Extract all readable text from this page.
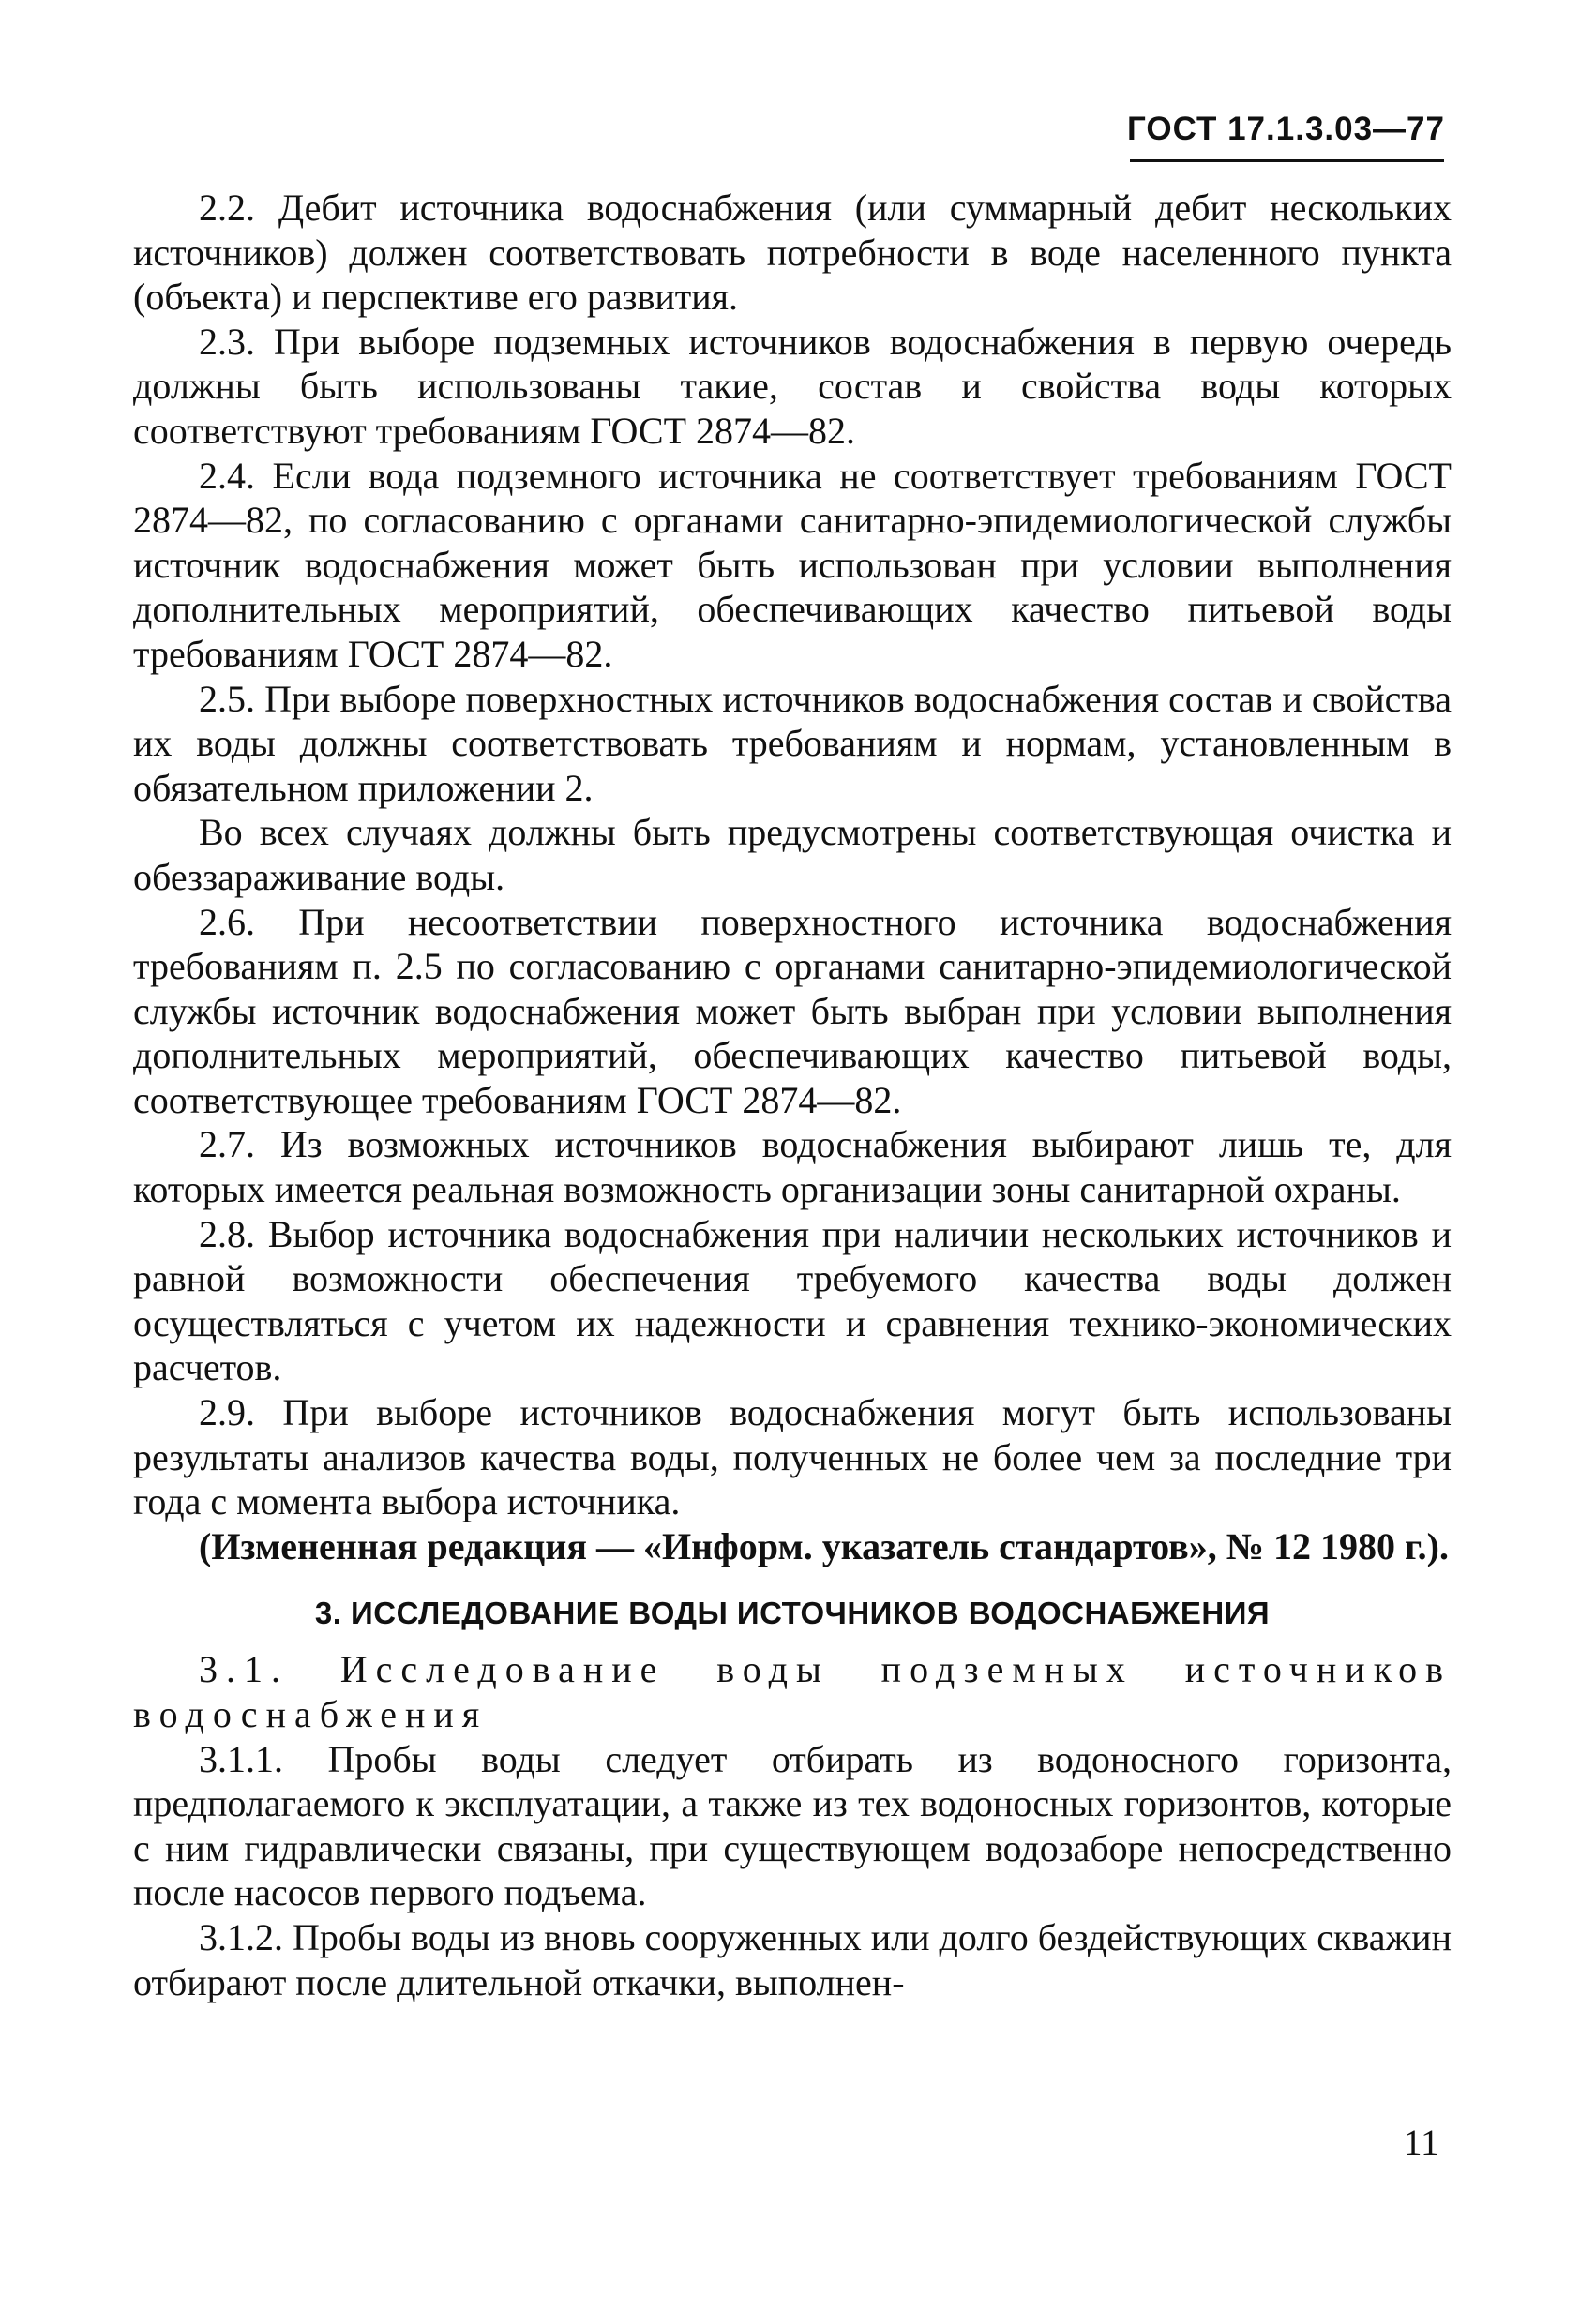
ГОСТ 17.1.3.03—77

2.2. Дебит источника водоснабжения (или суммарный дебит нескольких источников) должен соответствовать потребности в воде населенного пункта (объекта) и перспективе его развития.

2.3. При выборе подземных источников водоснабжения в первую очередь должны быть использованы такие, состав и свойства воды которых соответствуют требованиям ГОСТ 2874—82.

2.4. Если вода подземного источника не соответствует требованиям ГОСТ 2874—82, по согласованию с органами санитарно-эпидемиологической службы источник водоснабжения может быть использован при условии выполнения дополнительных мероприятий, обеспечивающих качество питьевой воды требованиям ГОСТ 2874—82.

2.5. При выборе поверхностных источников водоснабжения состав и свойства их воды должны соответствовать требованиям и нормам, установленным в обязательном приложении 2.

Во всех случаях должны быть предусмотрены соответствующая очистка и обеззараживание воды.

2.6. При несоответствии поверхностного источника водоснабжения требованиям п. 2.5 по согласованию с органами санитарно-эпидемиологической службы источник водоснабжения может быть выбран при условии выполнения дополнительных мероприятий, обеспечивающих качество питьевой воды, соответствующее требованиям ГОСТ 2874—82.

2.7. Из возможных источников водоснабжения выбирают лишь те, для которых имеется реальная возможность организации зоны санитарной охраны.

2.8. Выбор источника водоснабжения при наличии нескольких источников и равной возможности обеспечения требуемого качества воды должен осуществляться с учетом их надежности и сравнения технико-экономических расчетов.

2.9. При выборе источников водоснабжения могут быть использованы результаты анализов качества воды, полученных не более чем за последние три года с момента выбора источника.

(Измененная редакция — «Информ. указатель стандартов», № 12 1980 г.).

3. ИССЛЕДОВАНИЕ ВОДЫ ИСТОЧНИКОВ ВОДОСНАБЖЕНИЯ

3.1. Исследование воды подземных источников водоснабжения

3.1.1. Пробы воды следует отбирать из водоносного горизонта, предполагаемого к эксплуатации, а также из тех водоносных горизонтов, которые с ним гидравлически связаны, при существующем водозаборе непосредственно после насосов первого подъема.

3.1.2. Пробы воды из вновь сооруженных или долго бездействующих скважин отбирают после длительной откачки, выполнен-

11
